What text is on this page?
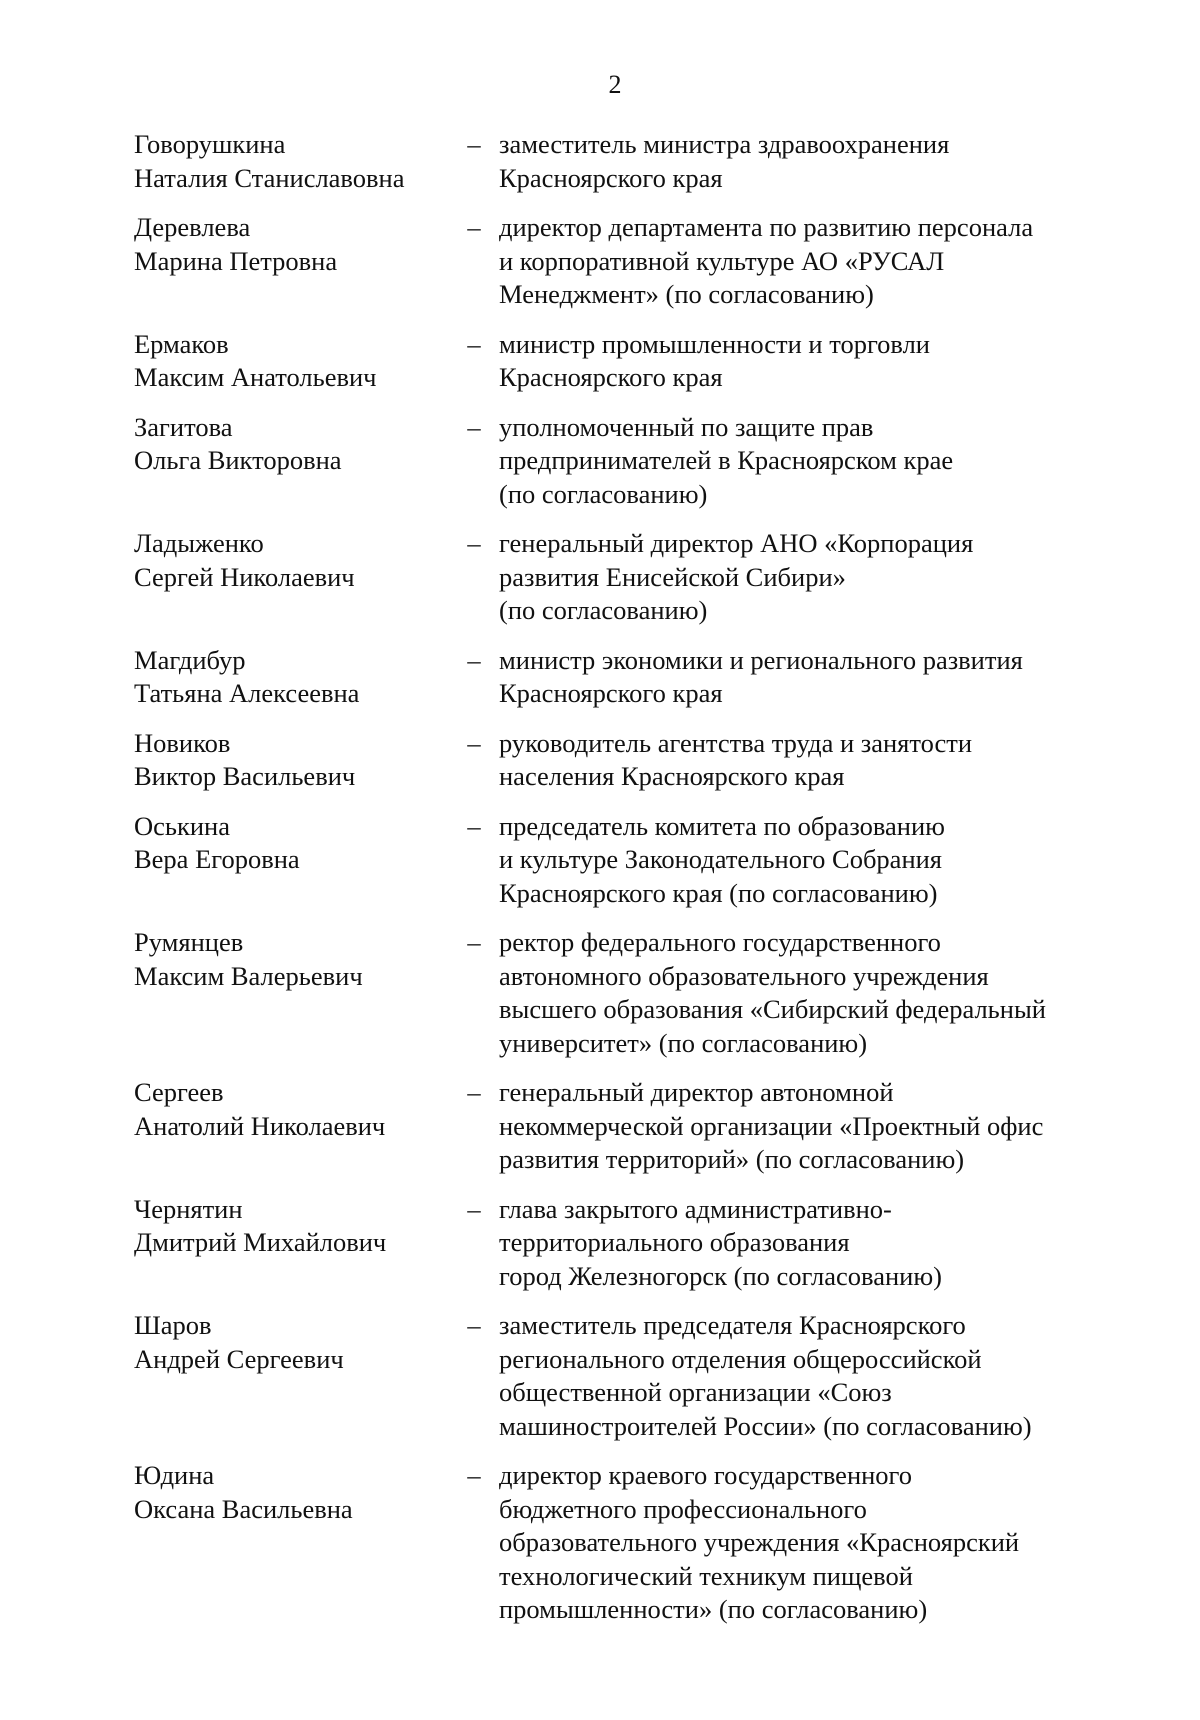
2
Говорушкина
Наталия Станиславовна
– заместитель министра здравоохранения
Красноярского края
Деревлева
Марина Петровна
– директор департамента по развитию персонала
и корпоративной культуре АО «РУСАЛ
Менеджмент» (по согласованию)
Ермаков
Максим Анатольевич
– министр промышленности и торговли
Красноярского края
Загитова
Ольга Викторовна
– уполномоченный по защите прав
предпринимателей в Красноярском крае
(по согласованию)
Ладыженко
Сергей Николаевич
– генеральный директор АНО «Корпорация
развития Енисейской Сибири»
(по согласованию)
Магдибур
Татьяна Алексеевна
– министр экономики и регионального развития
Красноярского края
Новиков
Виктор Васильевич
– руководитель агентства труда и занятости
населения Красноярского края
Оськина
Вера Егоровна
– председатель комитета по образованию
и культуре Законодательного Собрания
Красноярского края (по согласованию)
Румянцев
Максим Валерьевич
– ректор федерального государственного
автономного образовательного учреждения
высшего образования «Сибирский федеральный
университет» (по согласованию)
Сергеев
Анатолий Николаевич
– генеральный директор автономной
некоммерческой организации «Проектный офис
развития территорий» (по согласованию)
Чернятин
Дмитрий Михайлович
– глава закрытого административно-
территориального образования
город Железногорск (по согласованию)
Шаров
Андрей Сергеевич
– заместитель председателя Красноярского
регионального отделения общероссийской
общественной организации «Союз
машиностроителей России» (по согласованию)
Юдина
Оксана Васильевна
– директор краевого государственного
бюджетного профессионального
образовательного учреждения «Красноярский
технологический техникум пищевой
промышленности» (по согласованию)
